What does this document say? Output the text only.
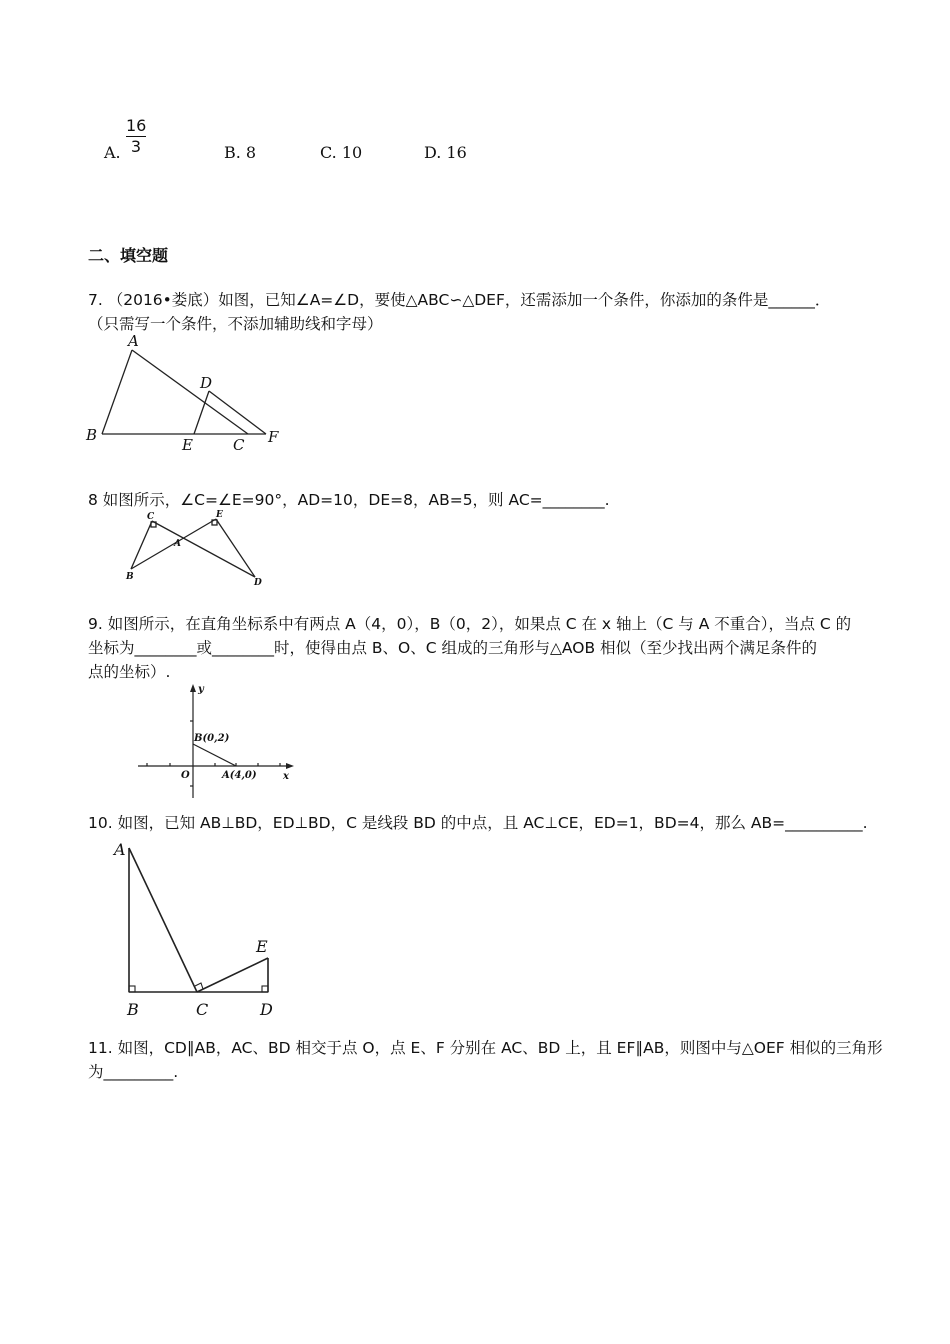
A.
16
3	B. 8	C. 10	D. 16
二、填空题
7. （2016•娄底）如图，已知∠A=∠D，要使△ABC∽△DEF，还需添加一个条件，你添加的条件是______．
（只需写一个条件，不添加辅助线和字母）
A
B
D
E	C F
8 如图所示，∠C=∠E=90°，AD=10，DE=8，AB=5，则 AC=________.
C	E
A
B
D
9. 如图所示，在直角坐标系中有两点 A（4，0），B（0，2），如果点 C 在 x 轴上（C 与 A 不重合），当点 C 的
坐标为________或________时，使得由点 B、O、C 组成的三角形与△AOB 相似（至少找出两个满足条件的
点的坐标）.
y
x
O
B(0,2)
A(4,0)
10. 如图，已知 AB⊥BD，ED⊥BD，C 是线段 BD 的中点，且 AC⊥CE，ED=1，BD=4，那么 AB=__________.
A
B	C	D
E
11. 如图，CD∥AB，AC、BD 相交于点 O，点 E、F 分别在 AC、BD 上，且 EF∥AB，则图中与△OEF 相似的三角形
为_________.
